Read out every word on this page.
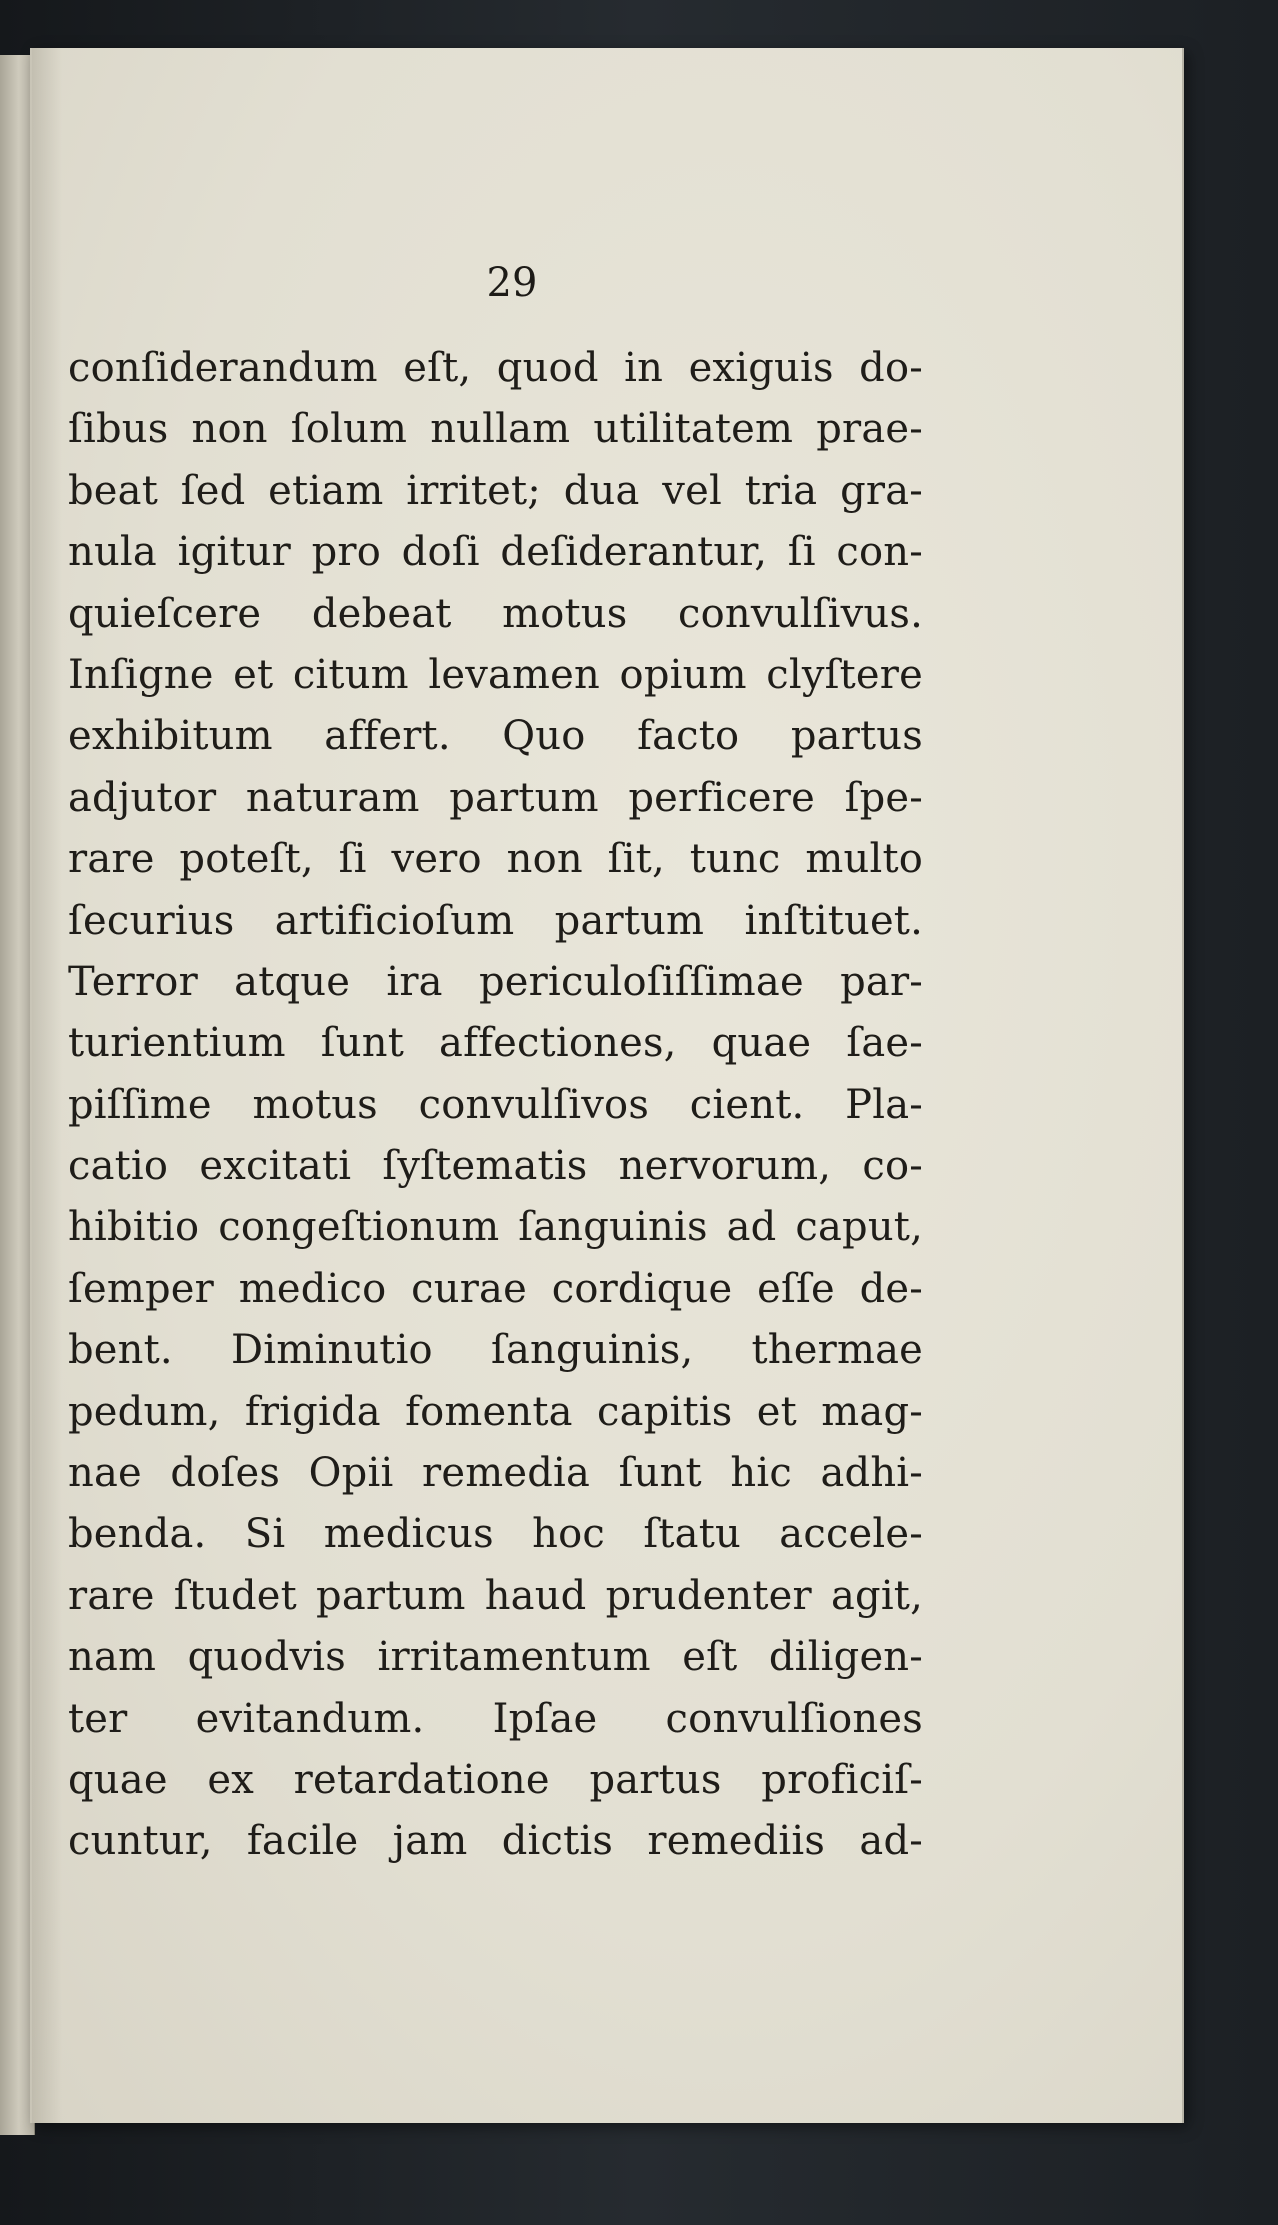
29
conſiderandum eſt, quod in exiguis do-
ſibus non ſolum nullam utilitatem prae-
beat ſed etiam irritet; dua vel tria gra-
nula igitur pro doſi deſiderantur, ſi con-
quieſcere debeat motus convulſivus.
Inſigne et citum levamen opium clyſtere
exhibitum affert. Quo facto partus
adjutor naturam partum perficere ſpe-
rare poteſt, ſi vero non ſit, tunc multo
ſecurius artificioſum partum inſtituet.
Terror atque ira periculoſiſſimae par-
turientium ſunt affectiones, quae ſae-
piſſime motus convulſivos cient. Pla-
catio excitati ſyſtematis nervorum, co-
hibitio congeſtionum ſanguinis ad caput,
ſemper medico curae cordique eſſe de-
bent. Diminutio ſanguinis, thermae
pedum, frigida fomenta capitis et mag-
nae doſes Opii remedia ſunt hic adhi-
benda. Si medicus hoc ſtatu accele-
rare ſtudet partum haud prudenter agit,
nam quodvis irritamentum eſt diligen-
ter evitandum. Ipſae convulſiones
quae ex retardatione partus proficiſ-
cuntur, facile jam dictis remediis ad-
